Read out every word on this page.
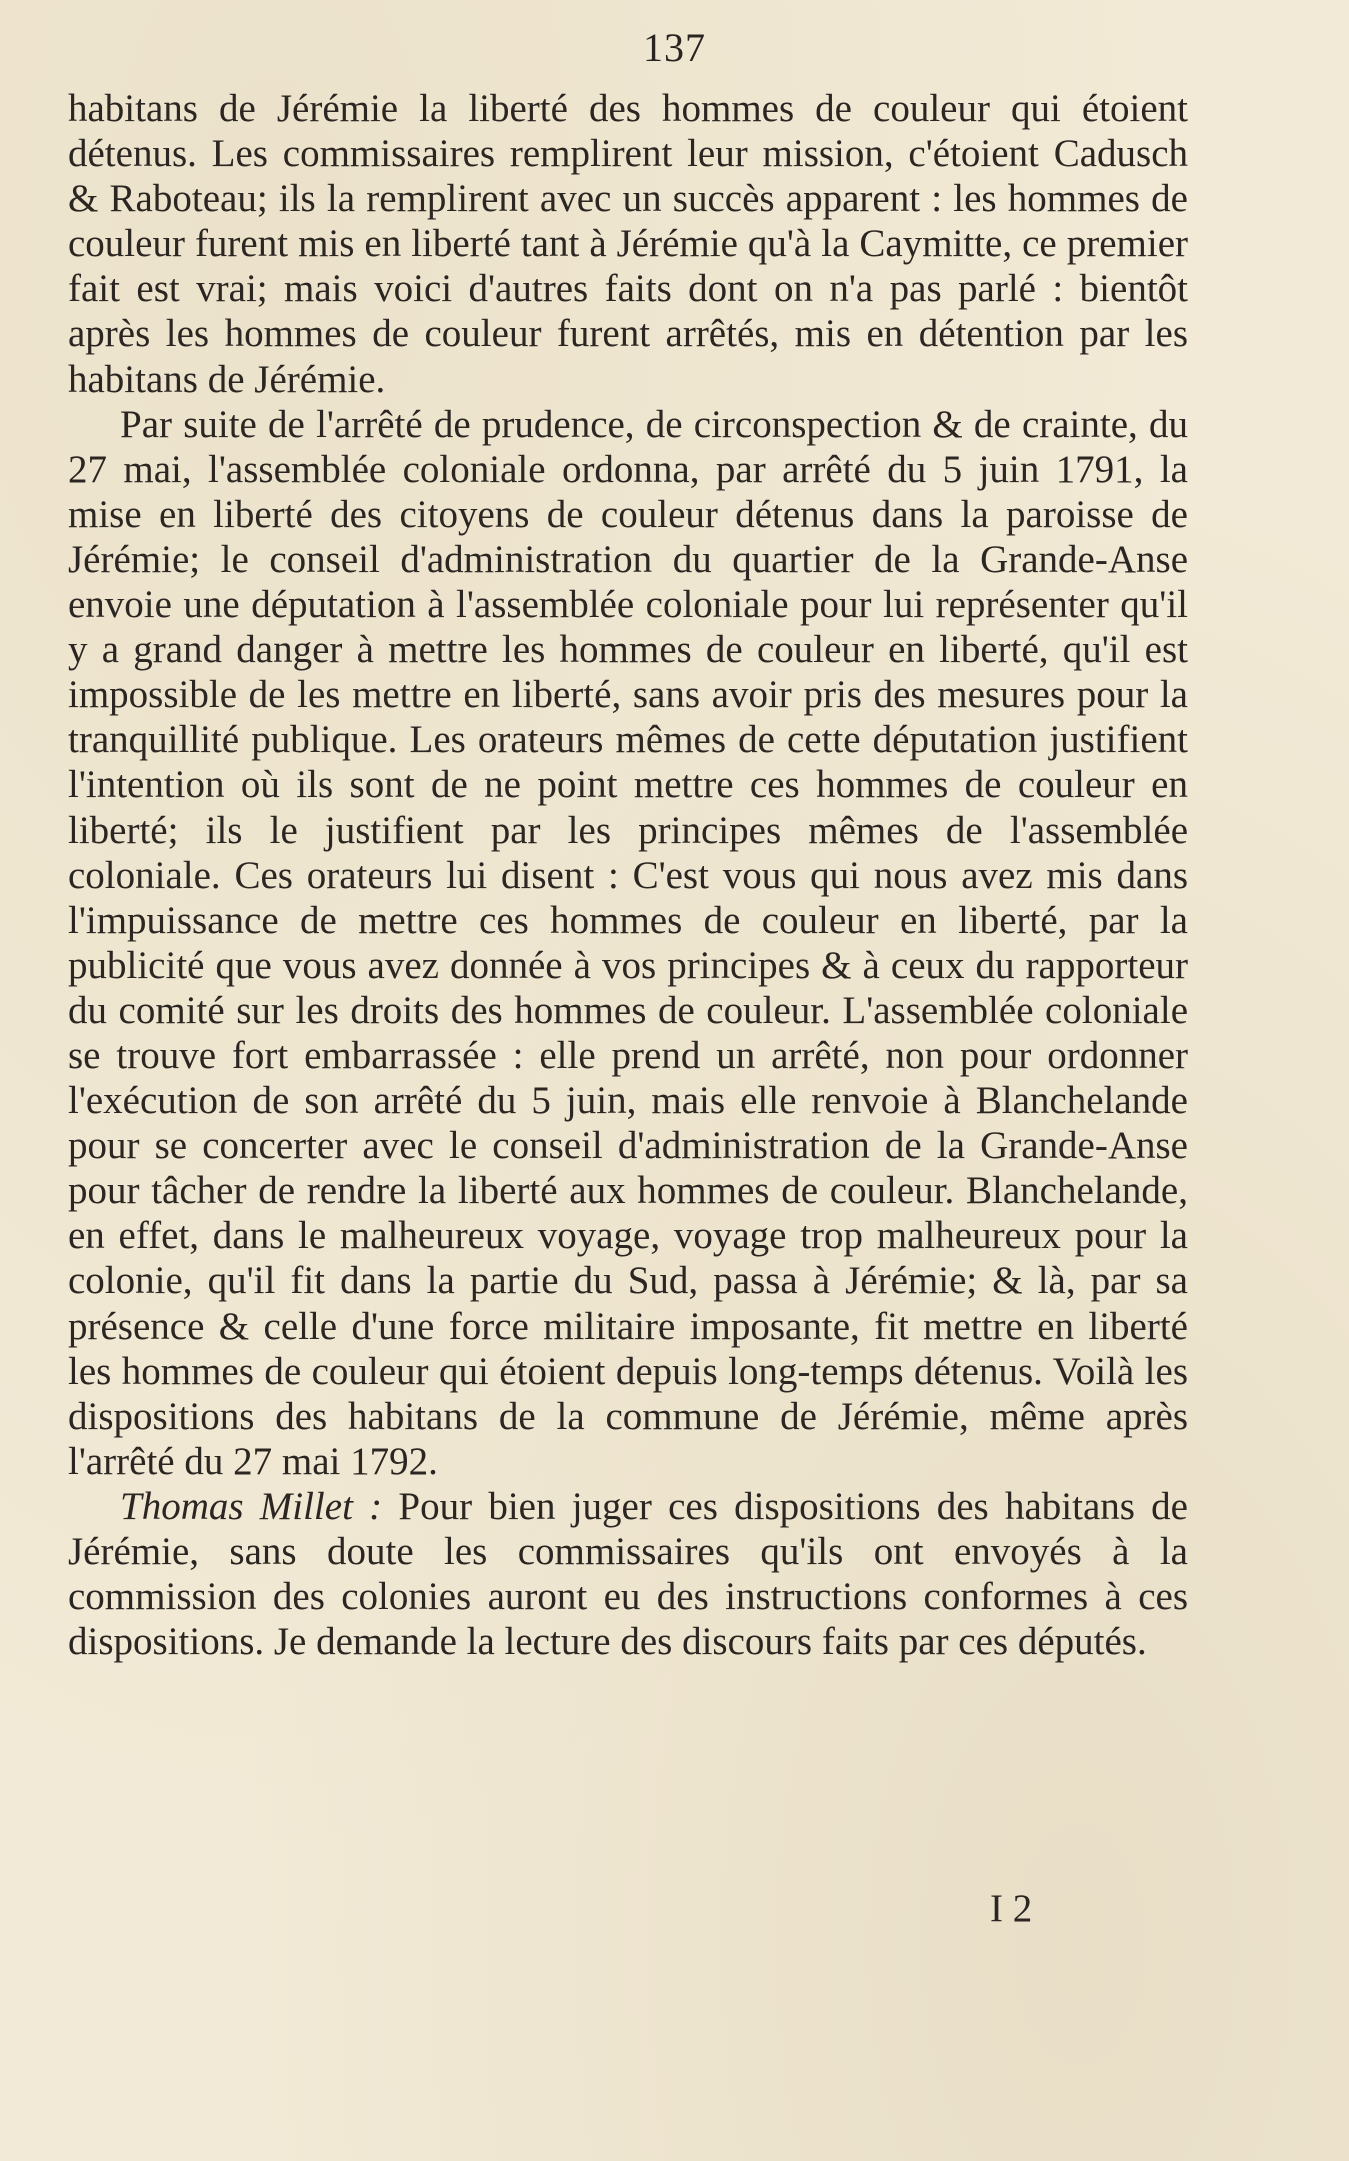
137

habitans de Jérémie la liberté des hommes de couleur qui étoient détenus. Les commissaires remplirent leur mission, c'étoient Cadusch & Raboteau; ils la remplirent avec un succès apparent : les hommes de couleur furent mis en liberté tant à Jérémie qu'à la Caymitte, ce premier fait est vrai; mais voici d'autres faits dont on n'a pas parlé : bientôt après les hommes de couleur furent arrêtés, mis en détention par les habitans de Jérémie.

Par suite de l'arrêté de prudence, de circonspection & de crainte, du 27 mai, l'assemblée coloniale ordonna, par arrêté du 5 juin 1791, la mise en liberté des citoyens de couleur détenus dans la paroisse de Jérémie; le conseil d'administration du quartier de la Grande-Anse envoie une députation à l'assemblée coloniale pour lui représenter qu'il y a grand danger à mettre les hommes de couleur en liberté, qu'il est impossible de les mettre en liberté, sans avoir pris des mesures pour la tranquillité publique. Les orateurs mêmes de cette députation justifient l'intention où ils sont de ne point mettre ces hommes de couleur en liberté; ils le justifient par les principes mêmes de l'assemblée coloniale. Ces orateurs lui disent : C'est vous qui nous avez mis dans l'impuissance de mettre ces hommes de couleur en liberté, par la publicité que vous avez donnée à vos principes & à ceux du rapporteur du comité sur les droits des hommes de couleur. L'assemblée coloniale se trouve fort embarrassée : elle prend un arrêté, non pour ordonner l'exécution de son arrêté du 5 juin, mais elle renvoie à Blanchelande pour se concerter avec le conseil d'administration de la Grande-Anse pour tâcher de rendre la liberté aux hommes de couleur. Blanchelande, en effet, dans le malheureux voyage, voyage trop malheureux pour la colonie, qu'il fit dans la partie du Sud, passa à Jérémie; & là, par sa présence & celle d'une force militaire imposante, fit mettre en liberté les hommes de couleur qui étoient depuis long-temps détenus. Voilà les dispositions des habitans de la commune de Jérémie, même après l'arrêté du 27 mai 1792.

Thomas Millet : Pour bien juger ces dispositions des habitans de Jérémie, sans doute les commissaires qu'ils ont envoyés à la commission des colonies auront eu des instructions conformes à ces dispositions. Je demande la lecture des discours faits par ces députés.

I 2
